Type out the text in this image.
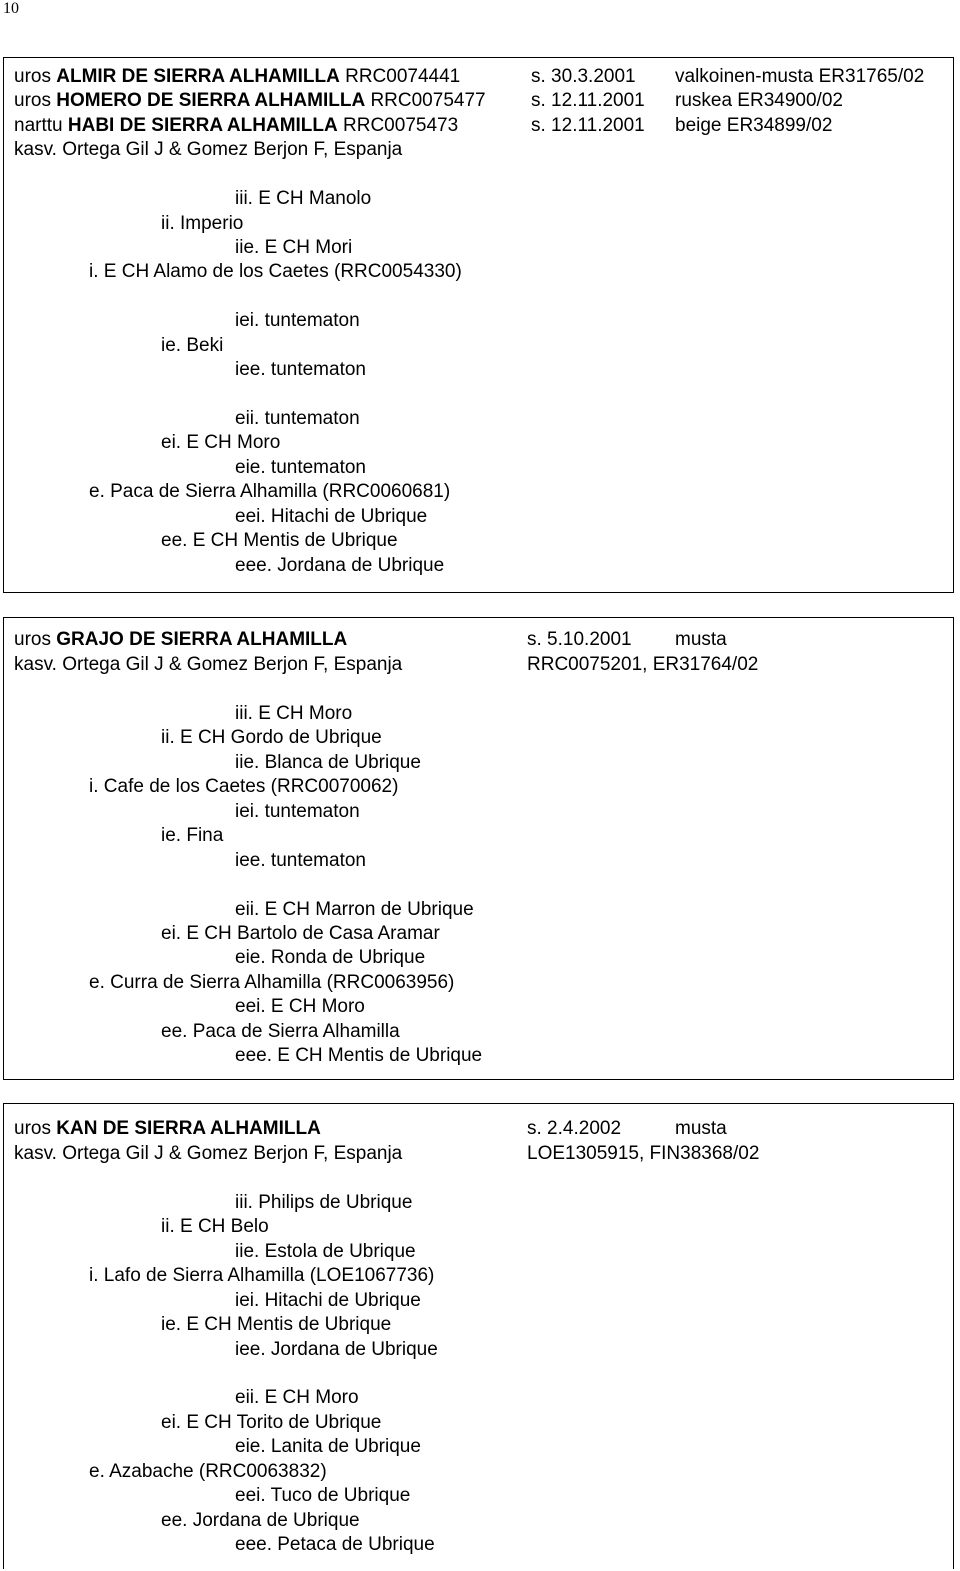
10
uros ALMIR DE SIERRA ALHAMILLA RRC0074441	s. 30.3.2001 valkoinen-musta ER31765/02
uros HOMERO DE SIERRA ALHAMILLA RRC0075477 s. 12.11.2001 ruskea ER34900/02
narttu HABI DE SIERRA ALHAMILLA RRC0075473	s. 12.11.2001 beige ER34899/02
kasv. Ortega Gil J & Gomez Berjon F, Espanja
iii. E CH Manolo
ii. Imperio
iie. E CH Mori
i. E CH Alamo de los Caetes (RRC0054330)
iei. tuntematon
ie. Beki
iee. tuntematon
eii. tuntematon
ei. E CH Moro
eie. tuntematon
e. Paca de Sierra Alhamilla (RRC0060681)
eei. Hitachi de Ubrique
ee. E CH Mentis de Ubrique
eee. Jordana de Ubrique
uros GRAJO DE SIERRA ALHAMILLA	s. 5.10.2001 musta
kasv. Ortega Gil J & Gomez Berjon F, Espanja	RRC0075201, ER31764/02
iii. E CH Moro
ii. E CH Gordo de Ubrique
iie. Blanca de Ubrique
i. Cafe de los Caetes (RRC0070062)
iei. tuntematon
ie. Fina
iee. tuntematon
eii. E CH Marron de Ubrique
ei. E CH Bartolo de Casa Aramar
eie. Ronda de Ubrique
e. Curra de Sierra Alhamilla (RRC0063956)
eei. E CH Moro
ee. Paca de Sierra Alhamilla
eee. E CH Mentis de Ubrique
uros KAN DE SIERRA ALHAMILLA	s. 2.4.2002	musta
kasv. Ortega Gil J & Gomez Berjon F, Espanja	LOE1305915, FIN38368/02
iii. Philips de Ubrique
ii. E CH Belo
iie. Estola de Ubrique
i. Lafo de Sierra Alhamilla (LOE1067736)
iei. Hitachi de Ubrique
ie. E CH Mentis de Ubrique
iee. Jordana de Ubrique
eii. E CH Moro
ei. E CH Torito de Ubrique
eie. Lanita de Ubrique
e. Azabache (RRC0063832)
eei. Tuco de Ubrique
ee. Jordana de Ubrique
eee. Petaca de Ubrique
